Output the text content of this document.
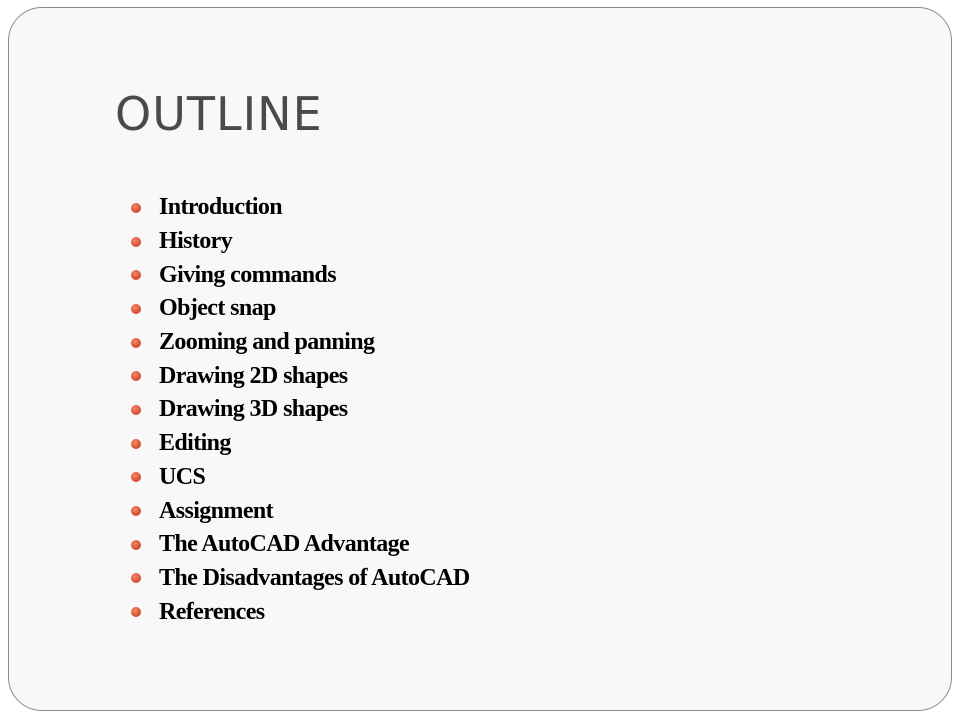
OUTLINE
Introduction
History
Giving commands
Object snap
Zooming and panning
Drawing 2D shapes
Drawing 3D shapes
Editing
UCS
Assignment
The AutoCAD Advantage
The Disadvantages of AutoCAD
References
